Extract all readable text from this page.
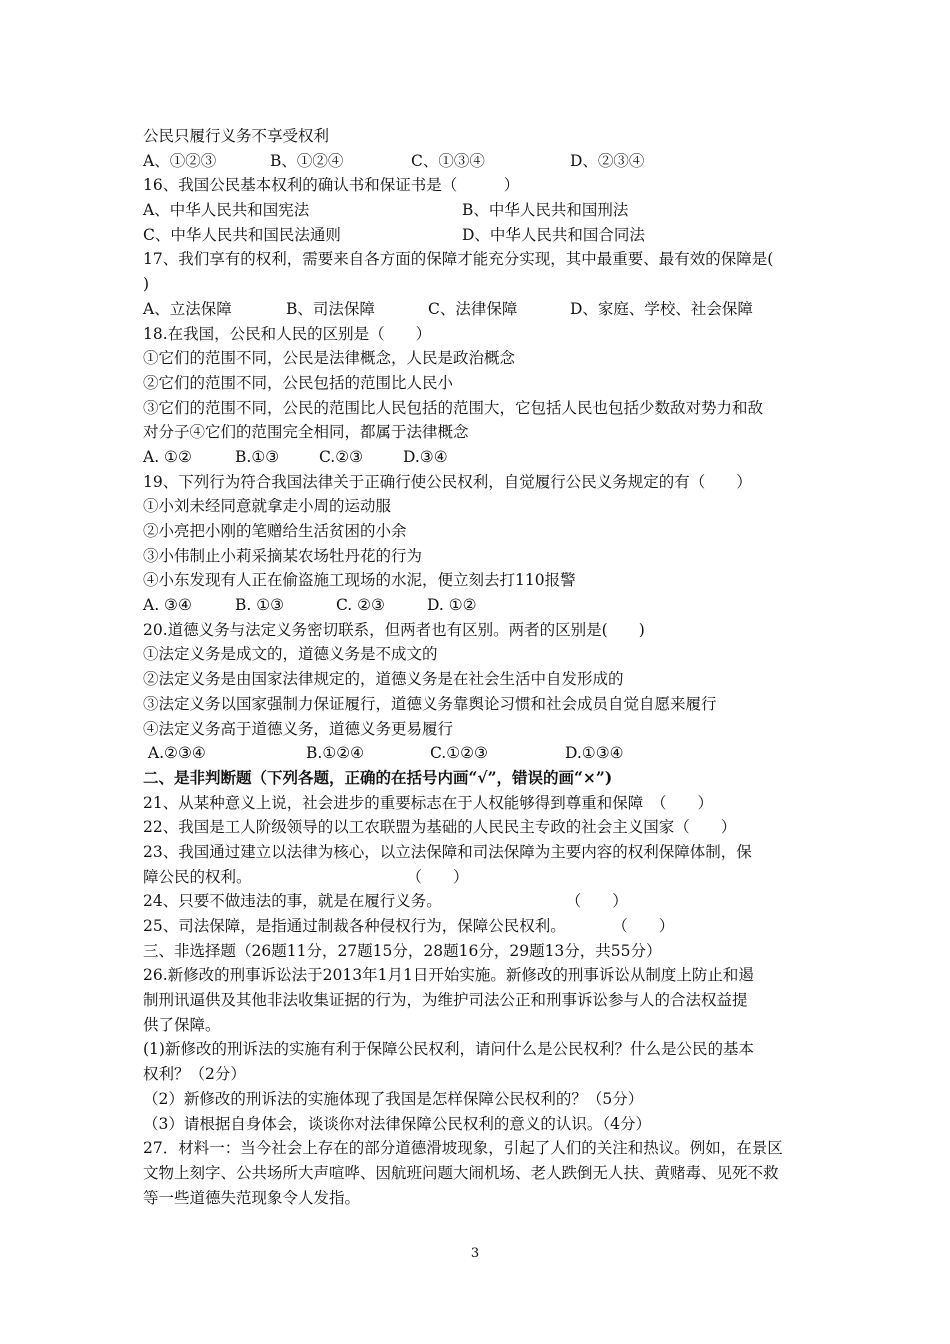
公民只履行义务不享受权利
A、①②③	B、①②④	C、①③④	D、②③④
16、我国公民基本权利的确认书和保证书是（　　　）
A、中华人民共和国宪法	B、中华人民共和国刑法
C、中华人民共和国民法通则	D、中华人民共和国合同法
17、我们享有的权利，需要来自各方面的保障才能充分实现，其中最重要、最有效的保障是(
)
A、立法保障	B、司法保障	C、法律保障	D、家庭、学校、社会保障
18.在我国，公民和人民的区别是（　　）
①它们的范围不同，公民是法律概念，人民是政治概念
②它们的范围不同，公民包括的范围比人民小
③它们的范围不同，公民的范围比人民包括的范围大，它包括人民也包括少数敌对势力和敌
对分子④它们的范围完全相同，都属于法律概念
A. ①②	B.①③	C.②③	D.③④
19、下列行为符合我国法律关于正确行使公民权利，自觉履行公民义务规定的有（　　）
①小刘未经同意就拿走小周的运动服
②小亮把小刚的笔赠给生活贫困的小余
③小伟制止小莉采摘某农场牡丹花的行为
④小东发现有人正在偷盗施工现场的水泥，便立刻去打110报警
A. ③④	B. ①③	C. ②③	D. ①②
20.道德义务与法定义务密切联系，但两者也有区别。两者的区别是(　　)
①法定义务是成文的，道德义务是不成文的
②法定义务是由国家法律规定的，道德义务是在社会生活中自发形成的
③法定义务以国家强制力保证履行，道德义务靠舆论习惯和社会成员自觉自愿来履行
④法定义务高于道德义务，道德义务更易履行
A.②③④	B.①②④	C.①②③	D.①③④
二、是非判断题（下列各题，正确的在括号内画“√”，错误的画“×”)
21、从某种意义上说，社会进步的重要标志在于人权能够得到尊重和保障　（　　）
22、我国是工人阶级领导的以工农联盟为基础的人民民主专政的社会主义国家（　　）
23、我国通过建立以法律为核心，以立法保障和司法保障为主要内容的权利保障体制，保
障公民的权利。　　　　　　　　　　　（　　）
24、只要不做违法的事，就是在履行义务。　　　　　　　　　（　　）
25、司法保障，是指通过制裁各种侵权行为，保障公民权利。　　　　（　　）
三、非选择题（26题11分，27题15分，28题16分，29题13分，共55分）
26.新修改的刑事诉讼法于2013年1月1日开始实施。新修改的刑事诉讼从制度上防止和遏
制刑讯逼供及其他非法收集证据的行为，为维护司法公正和刑事诉讼参与人的合法权益提
供了保障。
(1)新修改的刑诉法的实施有利于保障公民权利，请问什么是公民权利？什么是公民的基本
权利？（2分）
（2）新修改的刑诉法的实施体现了我国是怎样保障公民权利的？（5分）
（3）请根据自身体会，谈谈你对法律保障公民权利的意义的认识。（4分）
27．材料一：当今社会上存在的部分道德滑坡现象，引起了人们的关注和热议。例如，在景区
文物上刻字、公共场所大声喧哗、因航班问题大闹机场、老人跌倒无人扶、黄赌毒、见死不救
等一些道德失范现象令人发指。
3
